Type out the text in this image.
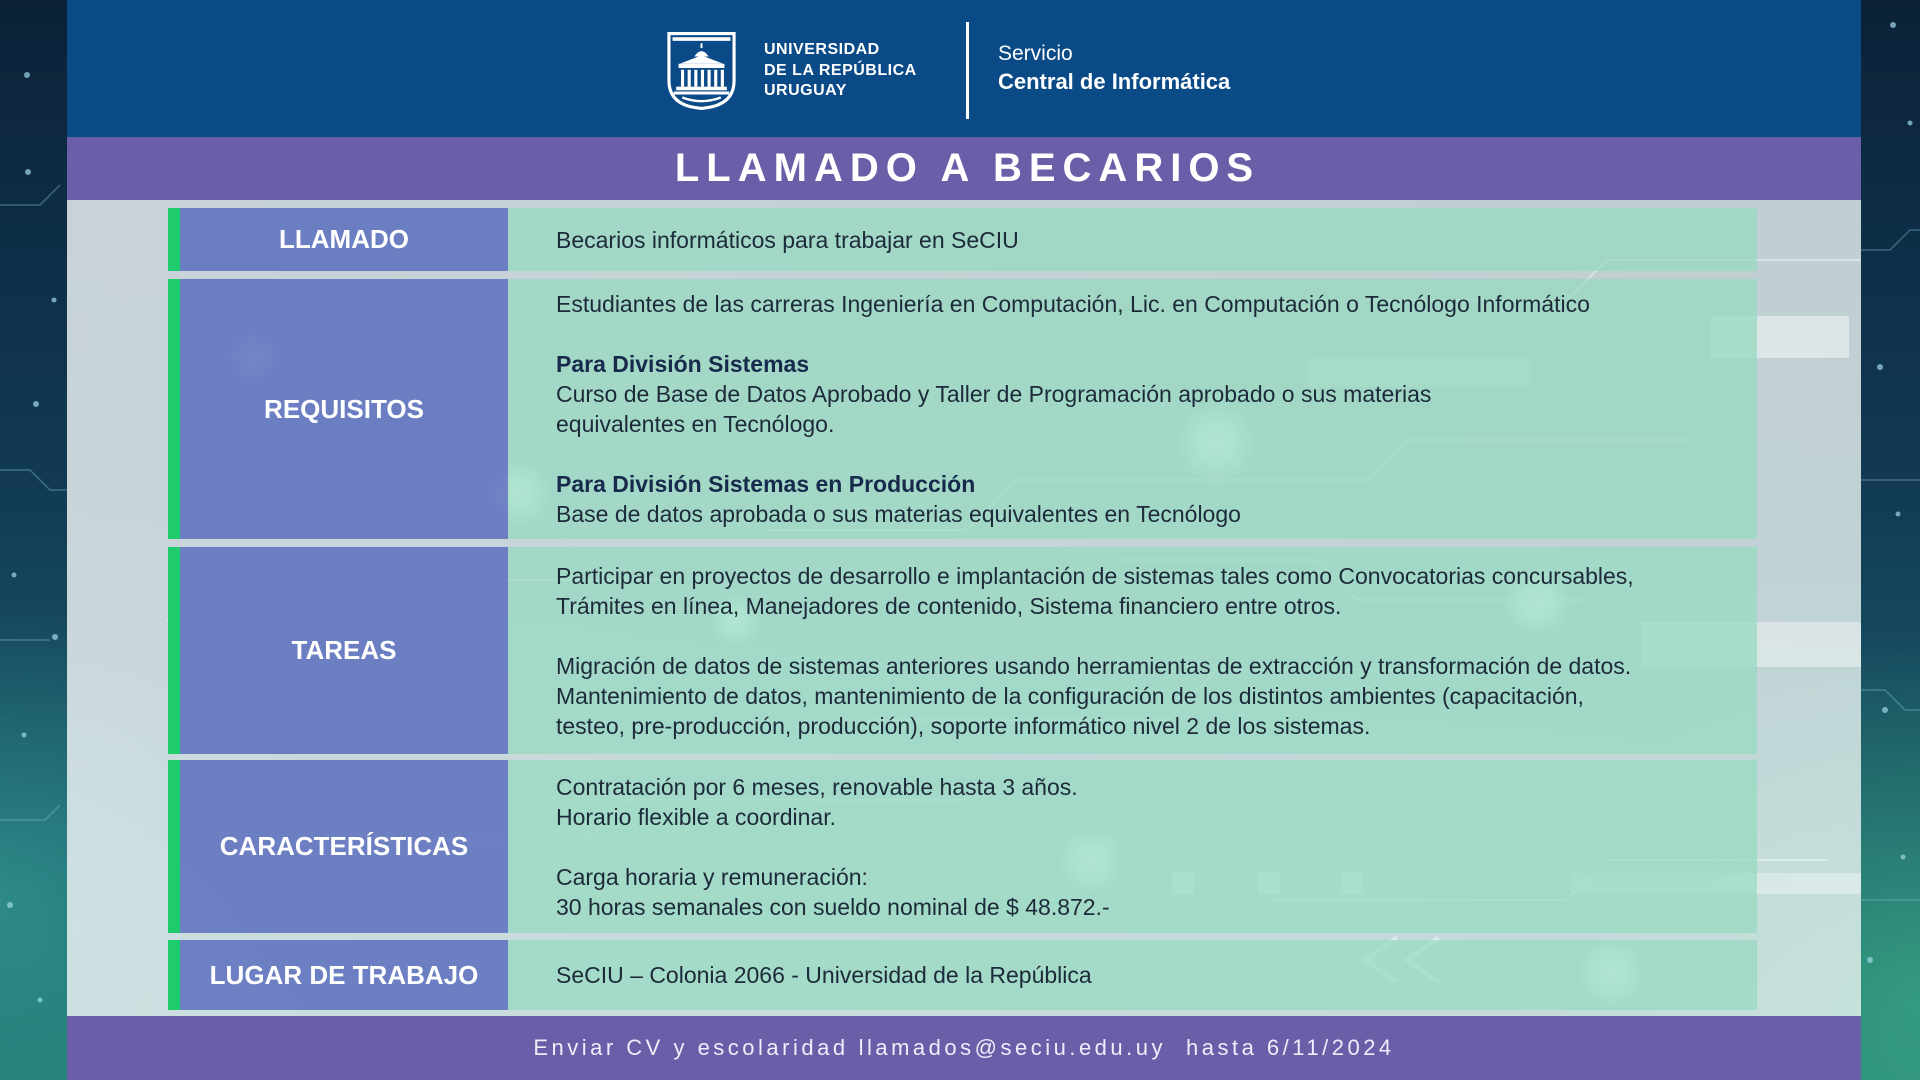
UNIVERSIDAD
DE LA REPÚBLICA
URUGUAY
Servicio
Central de Informática
LLAMADO A BECARIOS
LLAMADO	Becarios informáticos para trabajar en SeCIU
REQUISITOS
Estudiantes de las carreras Ingeniería en Computación, Lic. en Computación o Tecnólogo Informático
Para División Sistemas
Curso de Base de Datos Aprobado y Taller de Programación aprobado o sus materias
equivalentes en Tecnólogo.
Para División Sistemas en Producción
Base de datos aprobada o sus materias equivalentes en Tecnólogo
TAREAS
Participar en proyectos de desarrollo e implantación de sistemas tales como Convocatorias concursables,
Trámites en línea, Manejadores de contenido, Sistema financiero entre otros.
Migración de datos de sistemas anteriores usando herramientas de extracción y transformación de datos.
Mantenimiento de datos, mantenimiento de la configuración de los distintos ambientes (capacitación,
testeo, pre-producción, producción), soporte informático nivel 2 de los sistemas.
CARACTERÍSTICAS
Contratación por 6 meses, renovable hasta 3 años.
Horario flexible a coordinar.
Carga horaria y remuneración:
30 horas semanales con sueldo nominal de $ 48.872.-
LUGAR DE TRABAJO	SeCIU – Colonia 2066 - Universidad de la República
Enviar CV y escolaridad llamados@seciu.edu.uy hasta 6/11/2024
